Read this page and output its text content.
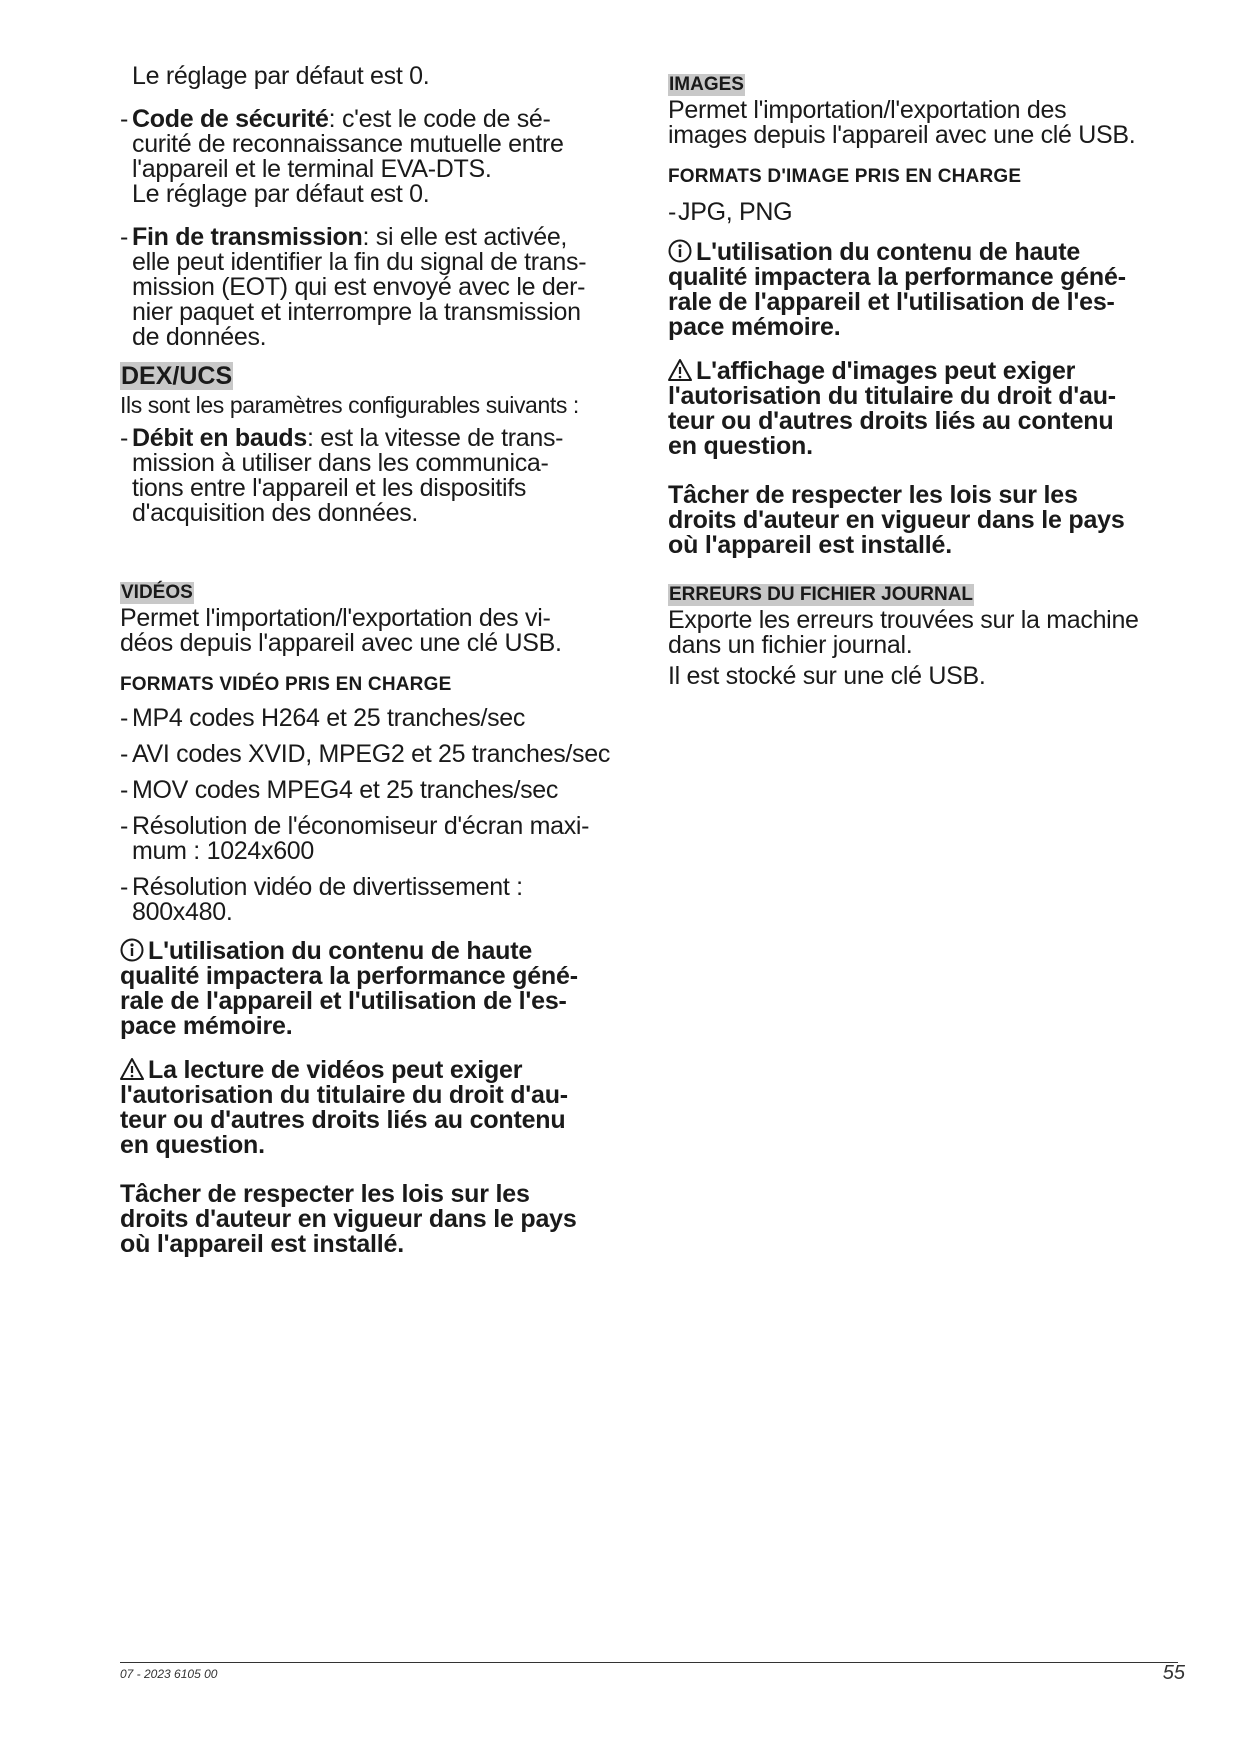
Le réglage par défaut est 0.

- Code de sécurité: c'est le code de sé-
curité de reconnaissance mutuelle entre
l'appareil et le terminal EVA-DTS.
Le réglage par défaut est 0.
- Fin de transmission: si elle est activée,
elle peut identifier la fin du signal de trans-
mission (EOT) qui est envoyé avec le der-
nier paquet et interrompre la transmission
de données.
DEX/UCS

Ils sont les paramètres configurables suivants :

- Débit en bauds: est la vitesse de trans-
mission à utiliser dans les communica-
tions entre l'appareil et les dispositifs
d'acquisition des données.
VIDÉOS
Permet l'importation/l'exportation des vi-
déos depuis l'appareil avec une clé USB.
FORMATS VIDÉO PRIS EN CHARGE
- MP4 codes H264 et 25 tranches/sec
- AVI codes XVID, MPEG2 et 25 tranches/sec
- MOV codes MPEG4 et 25 tranches/sec
- Résolution de l'économiseur d'écran maxi-
mum : 1024x600
- Résolution vidéo de divertissement :
800x480.
L'utilisation du contenu de haute
qualité impactera la performance géné-
rale de l'appareil et l'utilisation de l'es-
pace mémoire.
La lecture de vidéos peut exiger
l'autorisation du titulaire du droit d'au-
teur ou d'autres droits liés au contenu
en question.
Tâcher de respecter les lois sur les
droits d'auteur en vigueur dans le pays
où l'appareil est installé.
IMAGES
Permet l'importation/l'exportation des
images depuis l'appareil avec une clé USB.
FORMATS D'IMAGE PRIS EN CHARGE
- JPG, PNG
L'utilisation du contenu de haute
qualité impactera la performance géné-
rale de l'appareil et l'utilisation de l'es-
pace mémoire.
L'affichage d'images peut exiger
l'autorisation du titulaire du droit d'au-
teur ou d'autres droits liés au contenu
en question.
Tâcher de respecter les lois sur les
droits d'auteur en vigueur dans le pays
où l'appareil est installé.
ERREURS DU FICHIER JOURNAL
Exporte les erreurs trouvées sur la machine
dans un fichier journal.

Il est stocké sur une clé USB.

07 - 2023 6105 00	55
